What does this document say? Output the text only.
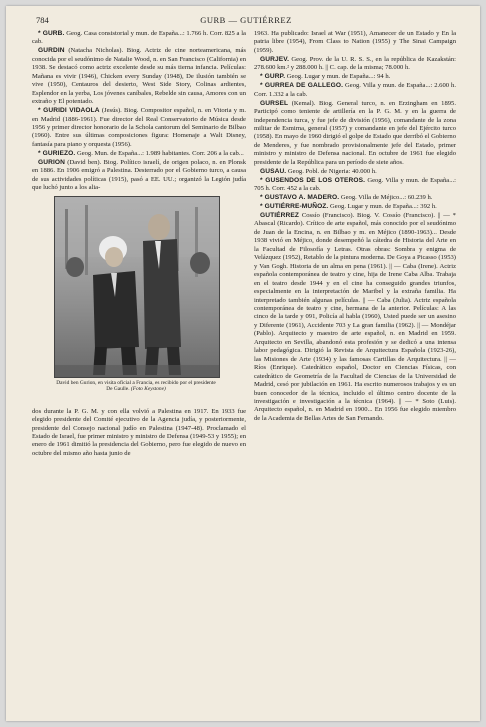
784	GURB — GUTIÉRREZ

* GURB. Geog. Casa consistorial y mun. de España...: 1.766 h. Corr. 825 a la cab.

GURDIN (Natacha Nicholas). Biog. Actriz de cine norteamericana, más conocida por el seudónimo de Natalie Wood, n. en San Francisco (California) en 1938. Se destacó como actriz excelente desde su más tierna infancia. Películas: Mañana es vivir (1946), Chicken every Sunday (1948), De ilusión también se vive (1950), Centauros del desierto, West Side Story, Colinas ardientes, Esplendor en la yerba, Los jóvenes caníbales, Rebelde sin causa, Amores con un extraño y El potentado.

* GURIDI VIDAOLA (Jesús). Biog. Compositor español, n. en Vitoria y m. en Madrid (1886-1961). Fue director del Real Conservatorio de Música desde 1956 y primer director honorario de la Schola cantorum del Seminario de Bilbao (1960). Entre sus últimas composiciones figura: Homenaje a Walt Disney, fantasía para piano y orquesta (1956).

* GURIEZO. Geog. Mun. de España...: 1.989 habitantes. Corr. 206 a la cab...

GURION (David ben). Biog. Político israelí, de origen polaco, n. en Plonsk en 1886. En 1906 emigró a Palestina. Desterrado por el Gobierno turco, a causa de sus actividades políticas (1915), pasó a EE. UU.; organizó la Legión judía que luchó junto a los alia-

David ben Gurion, en visita oficial a Francia, es recibido por el presidente De Gaulle. (Foto Keystone)

dos durante la P. G. M. y con ella volvió a Palestina en 1917. En 1933 fue elegido presidente del Comité ejecutivo de la Agencia judía, y posteriormente, presidente del Consejo nacional judío en Palestina (1947-48). Proclamado el Estado de Israel, fue primer ministro y ministro de Defensa (1949-53 y 1955); en enero de 1961 dimitió la presidencia del Gobierno, pero fue elegido de nuevo en octubre del mismo año hasta junio de

1963. Ha publicado: Israel at War (1951), Amanecer de un Estado y En la patria libre (1954), From Class to Nation (1955) y The Sinai Campaign (1959).

GURJEV. Geog. Prov. de la U. R. S. S., en la república de Kazakstán: 278.600 km.² y 288.000 h. || C. cap. de la misma; 78.000 h.

* GURP. Geog. Lugar y mun. de España...: 94 h.

* GURREA DE GALLEGO. Geog. Villa y mun. de España...: 2.600 h. Corr. 1.332 a la cab.

GURSEL (Kemal). Biog. General turco, n. en Erzingham en 1895. Participó como teniente de artillería en la P. G. M. y en la guerra de independencia turca, y fue jefe de división (1956), comandante de la zona militar de Esmirna, general (1957) y comandante en jefe del Ejército turco (1958). En mayo de 1960 dirigió el golpe de Estado que derribó el Gobierno de Menderes, y fue nombrado provisionalmente jefe del Estado, primer ministro y ministro de Defensa nacional. En octubre de 1961 fue elegido presidente de la República para un período de siete años.

GUSAU. Geog. Pobl. de Nigeria: 40.000 h.

* GUSENDOS DE LOS OTEROS. Geog. Villa y mun. de España...: 705 h. Corr. 452 a la cab.

* GUSTAVO A. MADERO. Geog. Villa de Méjico...: 60.239 h.

* GUTIÉRRE-MUÑOZ. Geog. Lugar y mun. de España...: 392 h.

GUTIÉRREZ Cossío (Francisco). Biog. V. Cossío (Francisco). || — * Abascal (Ricardo). Crítico de arte español, más conocido por el seudónimo de Juan de la Encina, n. en Bilbao y m. en Méjico (1890-1963)... Desde 1938 vivió en Méjico, donde desempeñó la cátedra de Historia del Arte en la Facultad de Filosofía y Letras. Otras obras: Sombra y enigma de Velázquez (1952), Retablo de la pintura moderna. De Goya a Picasso (1953) y Van Gogh. Historia de un alma en pena (1961). || — Caba (Irene). Actriz española contemporánea de teatro y cine, hija de Irene Caba Alba. Trabaja en el teatro desde 1944 y en el cine ha conseguido grandes triunfos, especialmente en la interpretación de Maribel y la extraña familia. Ha interpretado también algunas películas. || — Caba (Julia). Actriz española contemporánea de teatro y cine, hermana de la anterior. Películas: A las cinco de la tarde y 091, Policía al habla (1960), Usted puede ser un asesino y Diferente (1961), Accidente 703 y La gran familia (1962). || — Mondéjar (Pablo). Arquitecto y maestro de arte español, n. en Madrid en 1959. Arquitecto en Sevilla, abandonó esta profesión y se dedicó a una intensa labor pedagógica. Dirigió la Revista de Arquitectura Española (1923-26), las Misiones de Arte (1934) y las famosas Cartillas de Arquitectura. || — Ríos (Enrique). Catedrático español, Doctor en Ciencias Físicas, con catedrático de Geometría de la Facultad de Ciencias de la Universidad de Madrid, cesó por jubilación en 1961. Ha escrito numerosos trabajos y es un buen conocedor de la técnica, incluido el último centro docente de la investigación e investigación a la técnica (1964). || — * Soto (Luis). Arquitecto español, n. en Madrid en 1900... En 1956 fue elegido miembro de la Academia de Bellas Artes de San Fernando.
